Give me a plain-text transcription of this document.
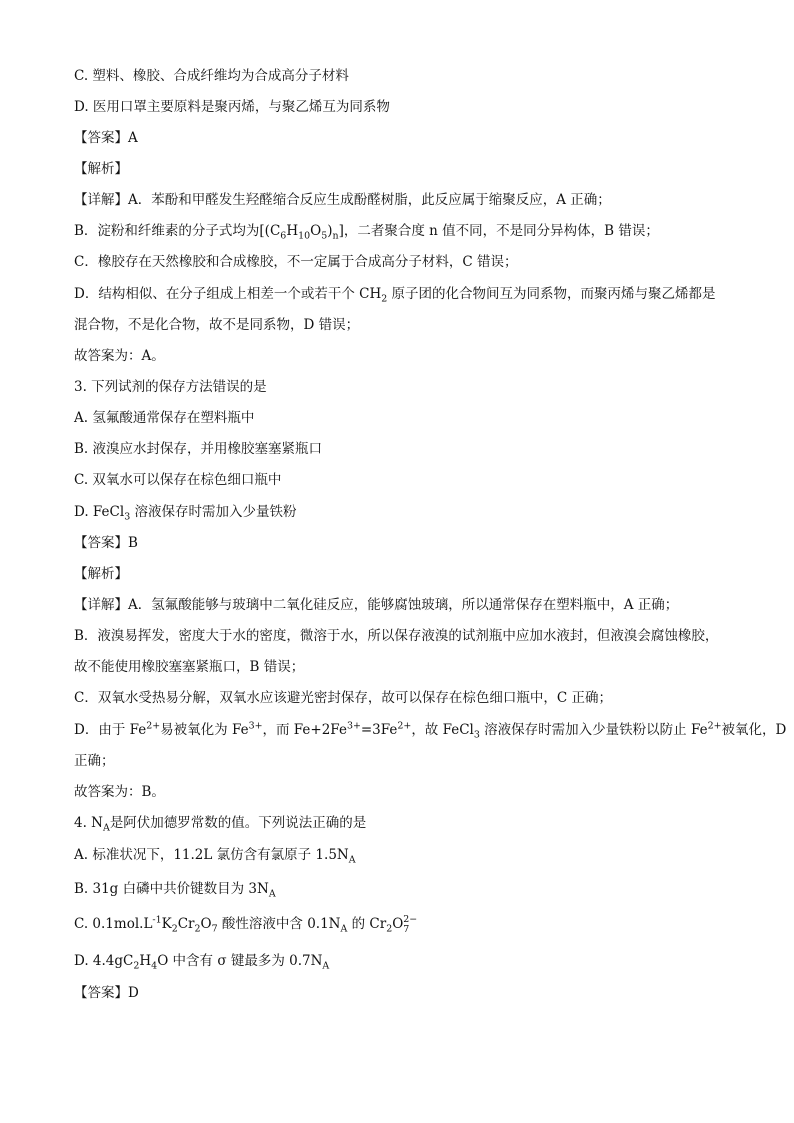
C. 塑料、橡胶、合成纤维均为合成高分子材料
D. 医用口罩主要原料是聚丙烯，与聚乙烯互为同系物
【答案】A
【解析】
【详解】A．苯酚和甲醛发生羟醛缩合反应生成酚醛树脂，此反应属于缩聚反应，A 正确；
B．淀粉和纤维素的分子式均为$[(C_6H_{10}O_5)_n]$，二者聚合度 n 值不同，不是同分异构体，B 错误；
C．橡胶存在天然橡胶和合成橡胶，不一定属于合成高分子材料，C 错误；
D．结构相似、在分子组成上相差一个或若干个 $CH_2$ 原子团的化合物间互为同系物，而聚丙烯与聚乙烯都是
混合物，不是化合物，故不是同系物，D 错误；
故答案为：A。
3. 下列试剂的保存方法错误的是
A. 氢氟酸通常保存在塑料瓶中
B. 液溴应水封保存，并用橡胶塞塞紧瓶口
C. 双氧水可以保存在棕色细口瓶中
D. FeCl$_3$ 溶液保存时需加入少量铁粉
【答案】B
【解析】
【详解】A．氢氟酸能够与玻璃中二氧化硅反应，能够腐蚀玻璃，所以通常保存在塑料瓶中，A 正确；
B．液溴易挥发，密度大于水的密度，微溶于水，所以保存液溴的试剂瓶中应加水液封，但液溴会腐蚀橡胶，
故不能使用橡胶塞塞紧瓶口，B 错误；
C．双氧水受热易分解，双氧水应该避光密封保存，故可以保存在棕色细口瓶中，C 正确；
D．由于 $Fe^{2+}$易被氧化为 $Fe^{3+}$，而 $Fe+2Fe^{3+}=3Fe^{2+}$，故 FeCl$_3$ 溶液保存时需加入少量铁粉以防止 $Fe^{2+}$被氧化，D
正确；
故答案为：B。
4. $N_A$是阿伏加德罗常数的值。下列说法正确的是
A. 标准状况下，11.2L 氯仿含有氯原子 $1.5N_A$
B. 31g 白磷中共价键数目为 $3N_A$
C. $0.1mol.L^{-1}K_2Cr_2O_7$ 酸性溶液中含 $0.1N_A$ 的 $Cr_2O$ 2−
7
D. $4.4gC_2H_4O$ 中含有 σ 键最多为 $0.7N_A$
【答案】D
